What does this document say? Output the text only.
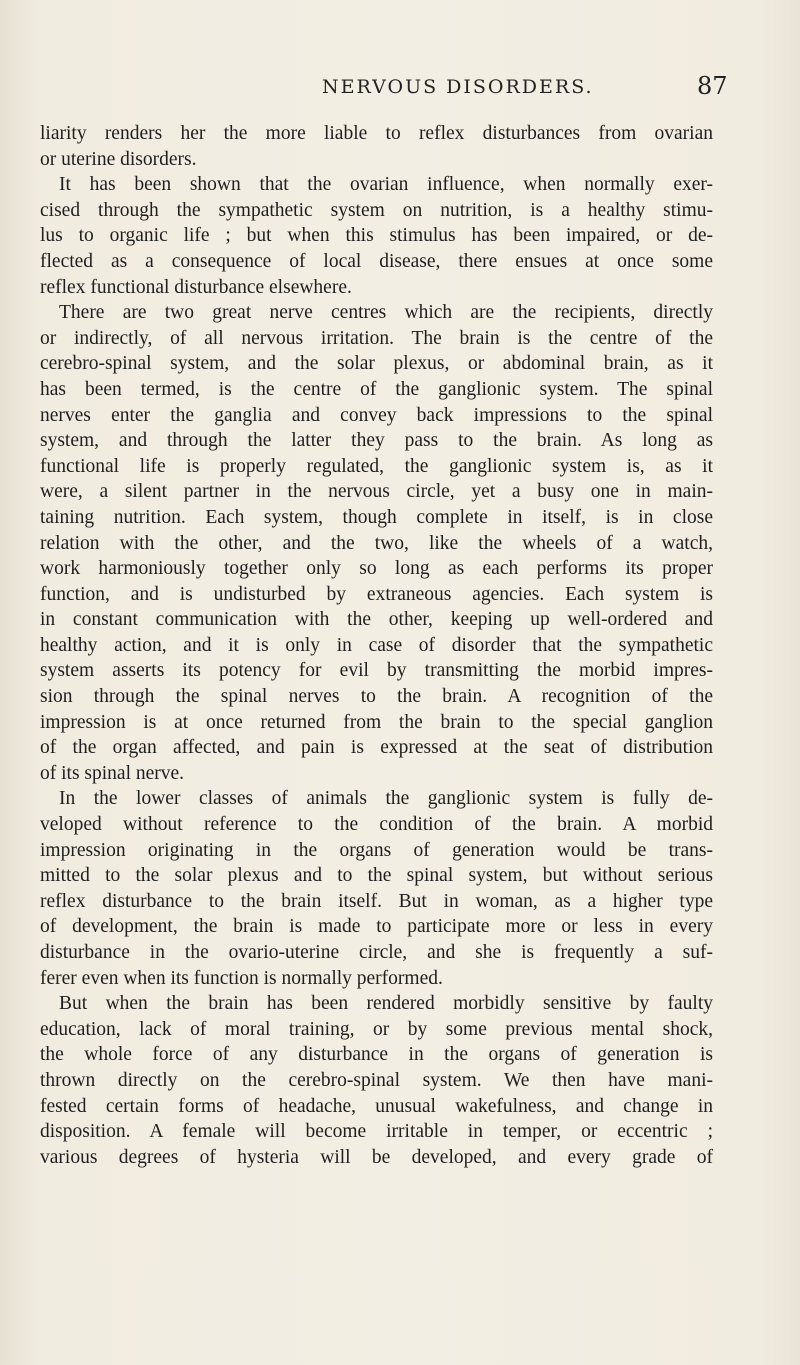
NERVOUS DISORDERS.	87
liarity renders her the more liable to reflex disturbances from ovarian
or uterine disorders.
It has been shown that the ovarian influence, when normally exer-
cised through the sympathetic system on nutrition, is a healthy stimu-
lus to organic life ; but when this stimulus has been impaired, or de-
flected as a consequence of local disease, there ensues at once some
reflex functional disturbance elsewhere.
There are two great nerve centres which are the recipients, directly
or indirectly, of all nervous irritation. The brain is the centre of the
cerebro-spinal system, and the solar plexus, or abdominal brain, as it
has been termed, is the centre of the ganglionic system. The spinal
nerves enter the ganglia and convey back impressions to the spinal
system, and through the latter they pass to the brain. As long as
functional life is properly regulated, the ganglionic system is, as it
were, a silent partner in the nervous circle, yet a busy one in main-
taining nutrition. Each system, though complete in itself, is in close
relation with the other, and the two, like the wheels of a watch,
work harmoniously together only so long as each performs its proper
function, and is undisturbed by extraneous agencies. Each system is
in constant communication with the other, keeping up well-ordered and
healthy action, and it is only in case of disorder that the sympathetic
system asserts its potency for evil by transmitting the morbid impres-
sion through the spinal nerves to the brain. A recognition of the
impression is at once returned from the brain to the special ganglion
of the organ affected, and pain is expressed at the seat of distribution
of its spinal nerve.
In the lower classes of animals the ganglionic system is fully de-
veloped without reference to the condition of the brain. A morbid
impression originating in the organs of generation would be trans-
mitted to the solar plexus and to the spinal system, but without serious
reflex disturbance to the brain itself. But in woman, as a higher type
of development, the brain is made to participate more or less in every
disturbance in the ovario-uterine circle, and she is frequently a suf-
ferer even when its function is normally performed.
But when the brain has been rendered morbidly sensitive by faulty
education, lack of moral training, or by some previous mental shock,
the whole force of any disturbance in the organs of generation is
thrown directly on the cerebro-spinal system. We then have mani-
fested certain forms of headache, unusual wakefulness, and change in
disposition. A female will become irritable in temper, or eccentric ;
various degrees of hysteria will be developed, and every grade of
